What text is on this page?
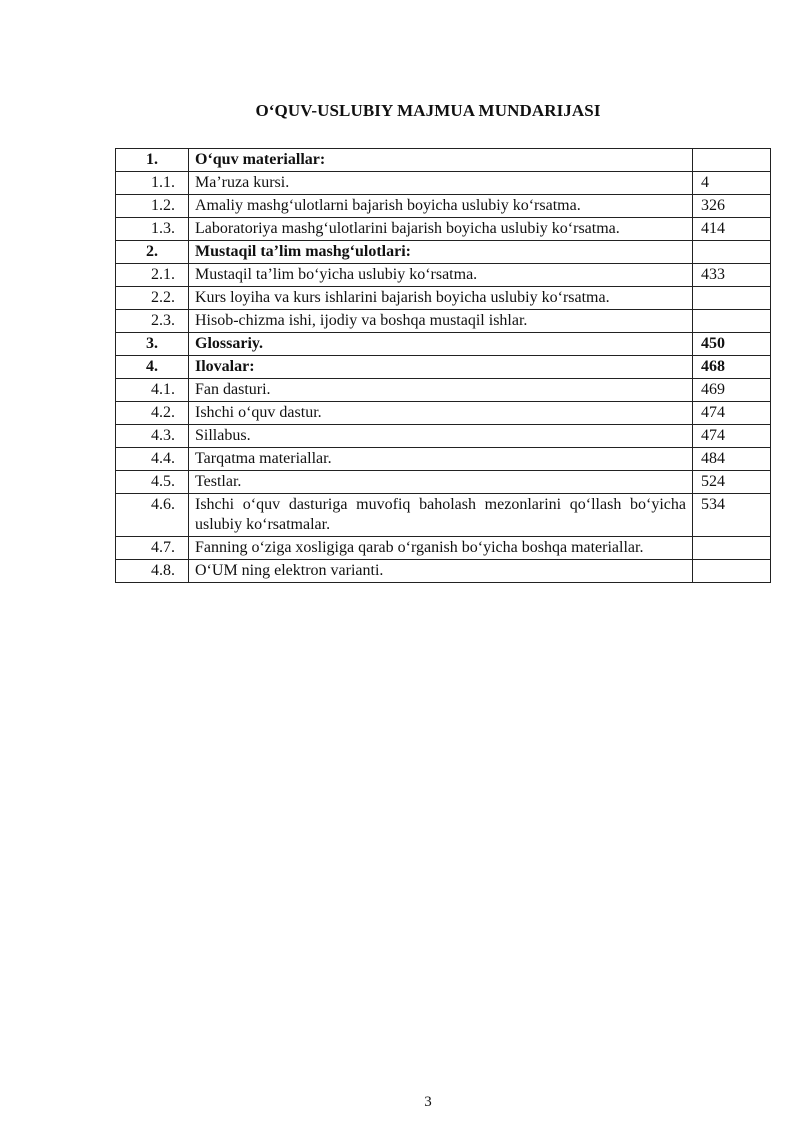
O‘QUV-USLUBIY MAJMUA MUNDARIJASI
1.	O‘quv materiallar:	
1.1.	Ma’ruza kursi.	4
1.2.	Amaliy mashg‘ulotlarni bajarish boyicha uslubiy ko‘rsatma.	326
1.3.	Laboratoriya mashg‘ulotlarini bajarish boyicha uslubiy ko‘rsatma.	414
2.	Mustaqil ta’lim mashg‘ulotlari:	
2.1.	Mustaqil ta’lim bo‘yicha uslubiy ko‘rsatma.	433
2.2.	Kurs loyiha va kurs ishlarini bajarish boyicha uslubiy ko‘rsatma.	
2.3.	Hisob-chizma ishi, ijodiy va boshqa mustaqil ishlar.	
3.	Glossariy.	450
4.	Ilovalar:	468
4.1.	Fan dasturi.	469
4.2.	Ishchi o‘quv dastur.	474
4.3.	Sillabus.	474
4.4.	Tarqatma materiallar.	484
4.5.	Testlar.	524
4.6.	Ishchi o‘quv dasturiga muvofiq baholash mezonlarini qo‘llash bo‘yicha uslubiy ko‘rsatmalar.	534
4.7.	Fanning o‘ziga xosligiga qarab o‘rganish bo‘yicha boshqa materiallar.	
4.8.	O‘UM ning elektron varianti.	
3
